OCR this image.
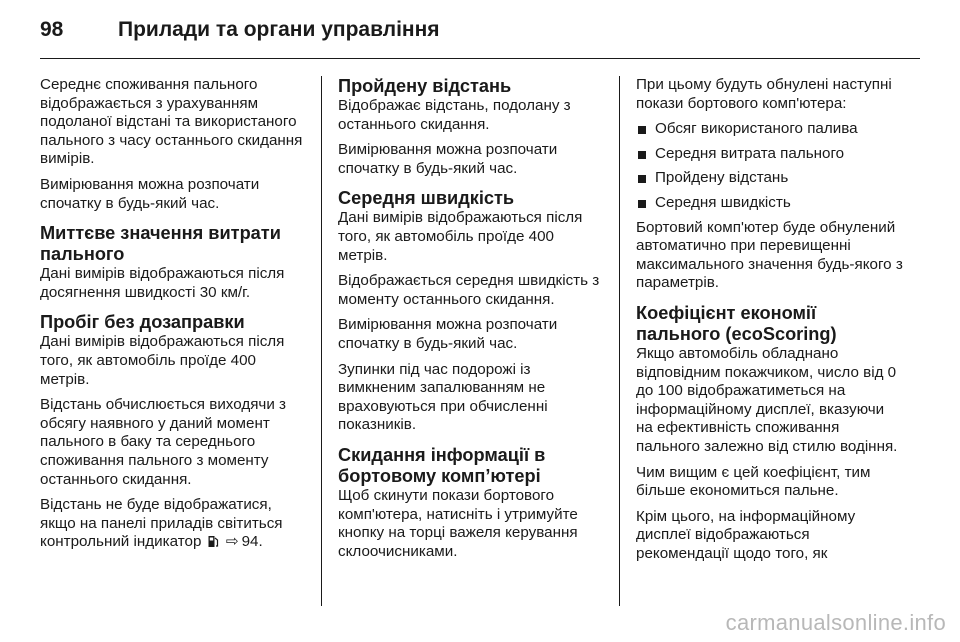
98	Прилади та органи управління

Середнє споживання пального відображається з урахуванням подоланої відстані та використаного пального з часу останнього скидання вимірів.

Вимірювання можна розпочати спочатку в будь-який час.

Миттєве значення витрати пального

Дані вимірів відображаються після досягнення швидкості 30 км/г.

Пробіг без дозаправки

Дані вимірів відображаються після того, як автомобіль проїде 400 метрів.

Відстань обчислюється виходячи з обсягу наявного у даний момент пального в баку та середнього споживання пального з моменту останнього скидання.

Відстань не буде відображатися, якщо на панелі приладів світиться контрольний індикатор ⇨ 94.

Пройдену відстань

Відображає відстань, подолану з останнього скидання.

Вимірювання можна розпочати спочатку в будь-який час.

Середня швидкість

Дані вимірів відображаються після того, як автомобіль проїде 400 метрів.

Відображається середня швидкість з моменту останнього скидання.

Вимірювання можна розпочати спочатку в будь-який час.

Зупинки під час подорожі із вимкненим запалюванням не враховуються при обчисленні показників.

Скидання інформації в бортовому комп’ютері

Щоб скинути покази бортового комп'ютера, натисніть і утримуйте кнопку на торці важеля керування склоочисниками.

При цьому будуть обнулені наступні покази бортового комп'ютера:

Обсяг використаного палива
Середня витрата пального
Пройдену відстань
Середня швидкість

Бортовий комп'ютер буде обнулений автоматично при перевищенні максимального значення будь-якого з параметрів.

Коефіцієнт економії пального (ecoScoring)

Якщо автомобіль обладнано відповідним покажчиком, число від 0 до 100 відображатиметься на інформаційному дисплеї, вказуючи на ефективність споживання пального залежно від стилю водіння.

Чим вищим є цей коефіцієнт, тим більше економиться пальне.

Крім цього, на інформаційному дисплеї відображаються рекомендації щодо того, як

carmanualsonline.info
